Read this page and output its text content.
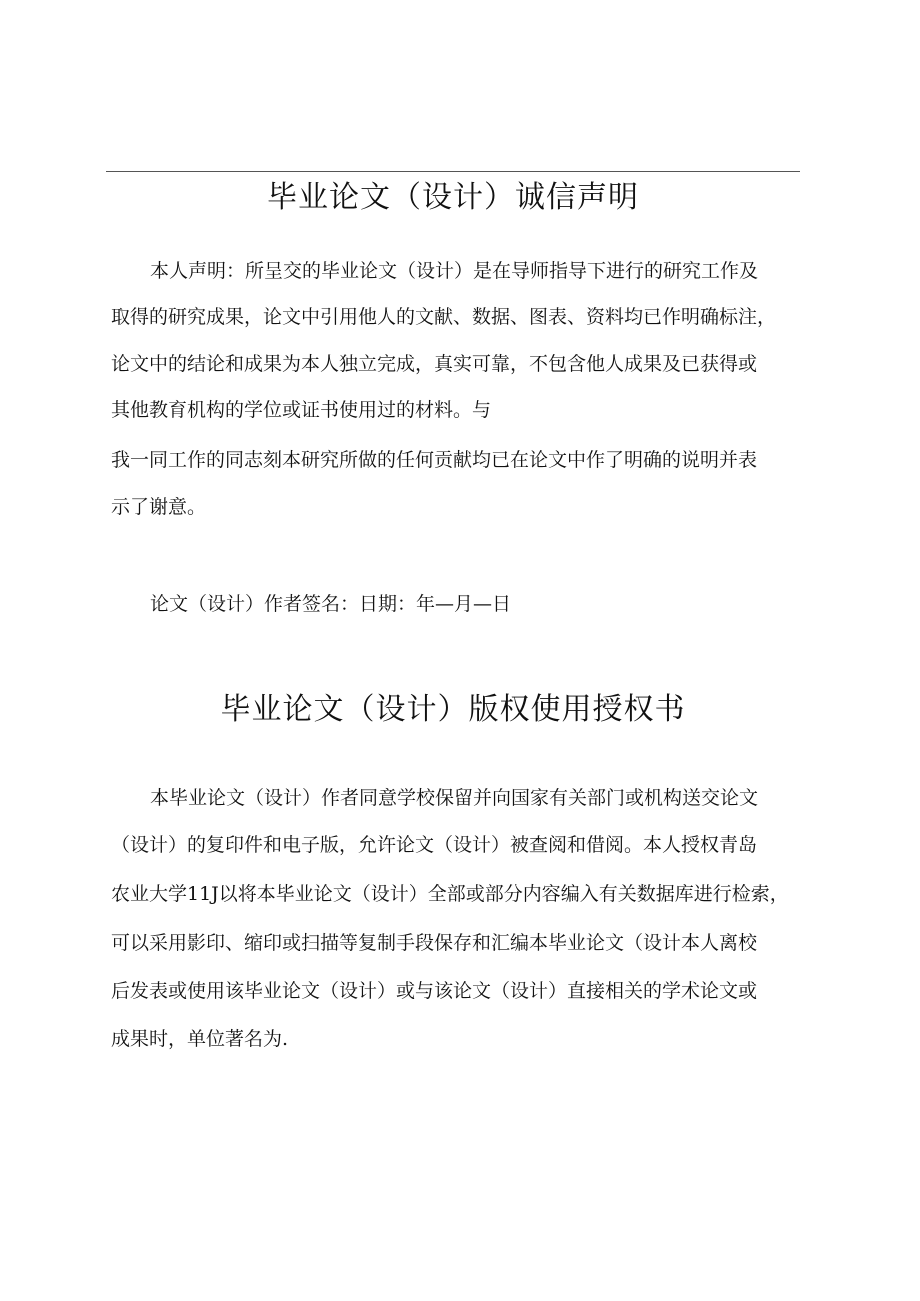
毕业论文（设计）诚信声明
本人声明：所呈交的毕业论文（设计）是在导师指导下进行的研究工作及
取得的研究成果，论文中引用他人的文献、数据、图表、资料均已作明确标注，
论文中的结论和成果为本人独立完成，真实可靠，不包含他人成果及已获得或
其他教育机构的学位或证书使用过的材料。与
我一同工作的同志刻本研究所做的任何贡献均已在论文中作了明确的说明并表
示了谢意。
论文（设计）作者签名：日期：年—月—日
毕业论文（设计）版权使用授权书
本毕业论文（设计）作者同意学校保留并向国家有关部门或机构送交论文
（设计）的复印件和电子版，允许论文（设计）被查阅和借阅。本人授权青岛
农业大学11J以将本毕业论文（设计）全部或部分内容编入有关数据库进行检索，
可以采用影印、缩印或扫描等复制手段保存和汇编本毕业论文（设计本人离校
后发表或使用该毕业论文（设计）或与该论文（设计）直接相关的学术论文或
成果时，单位著名为.
